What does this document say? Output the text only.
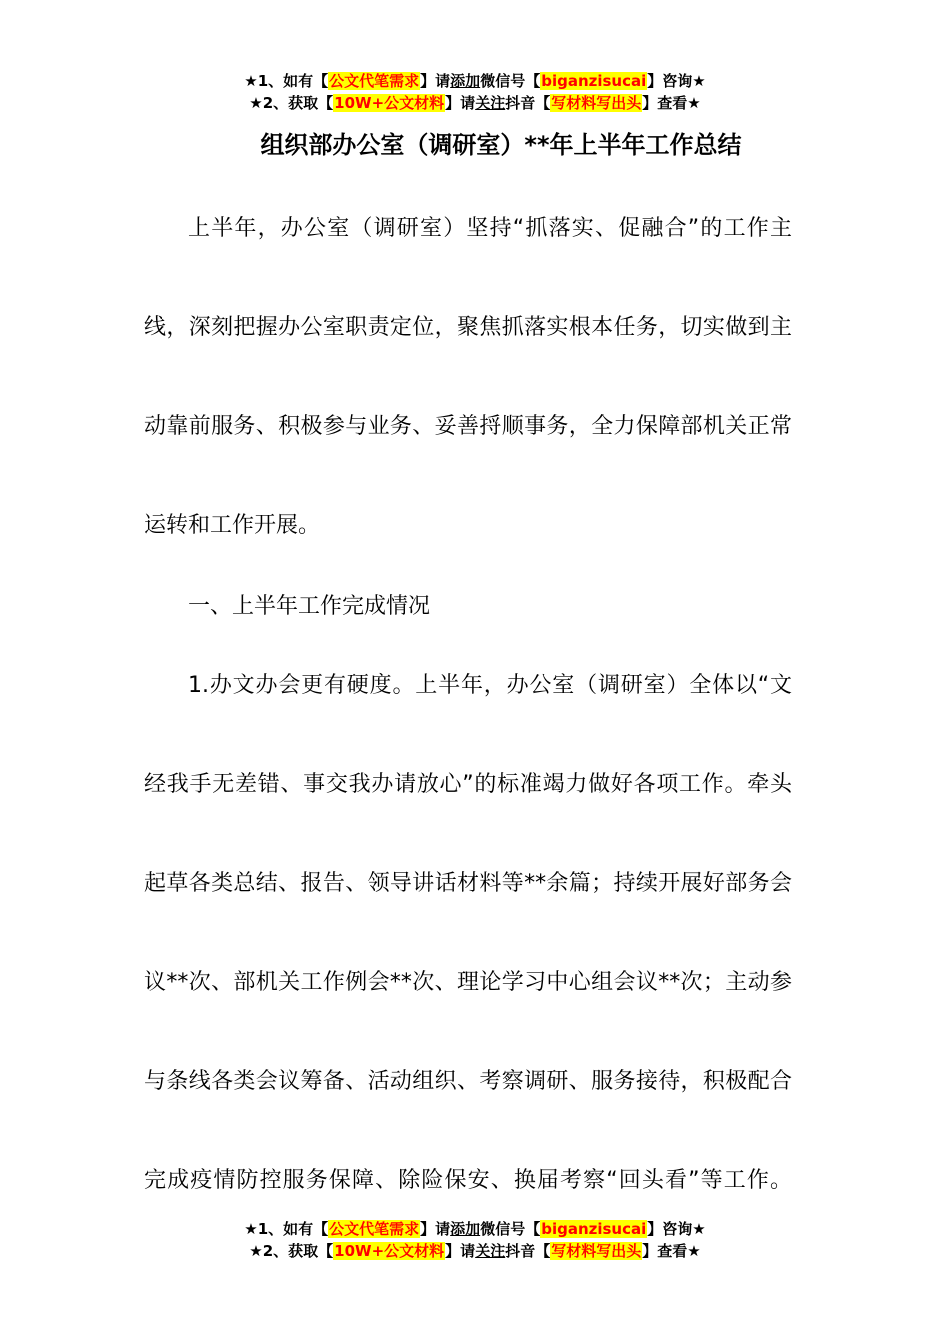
★1、如有【公文代笔需求】请添加微信号【biganzisucai】咨询★
★2、获取【10W+公文材料】请关注抖音【写材料写出头】查看★
组织部办公室（调研室）**年上半年工作总结
上半年，办公室（调研室）坚持“抓落实、促融合”的工作主
线，深刻把握办公室职责定位，聚焦抓落实根本任务，切实做到主
动靠前服务、积极参与业务、妥善捋顺事务，全力保障部机关正常
运转和工作开展。
一、上半年工作完成情况
1.办文办会更有硬度。上半年，办公室（调研室）全体以“文
经我手无差错、事交我办请放心”的标准竭力做好各项工作。牵头
起草各类总结、报告、领导讲话材料等**余篇；持续开展好部务会
议**次、部机关工作例会**次、理论学习中心组会议**次；主动参
与条线各类会议筹备、活动组织、考察调研、服务接待，积极配合
完成疫情防控服务保障、除险保安、换届考察“回头看”等工作。
★1、如有【公文代笔需求】请添加微信号【biganzisucai】咨询★
★2、获取【10W+公文材料】请关注抖音【写材料写出头】查看★
